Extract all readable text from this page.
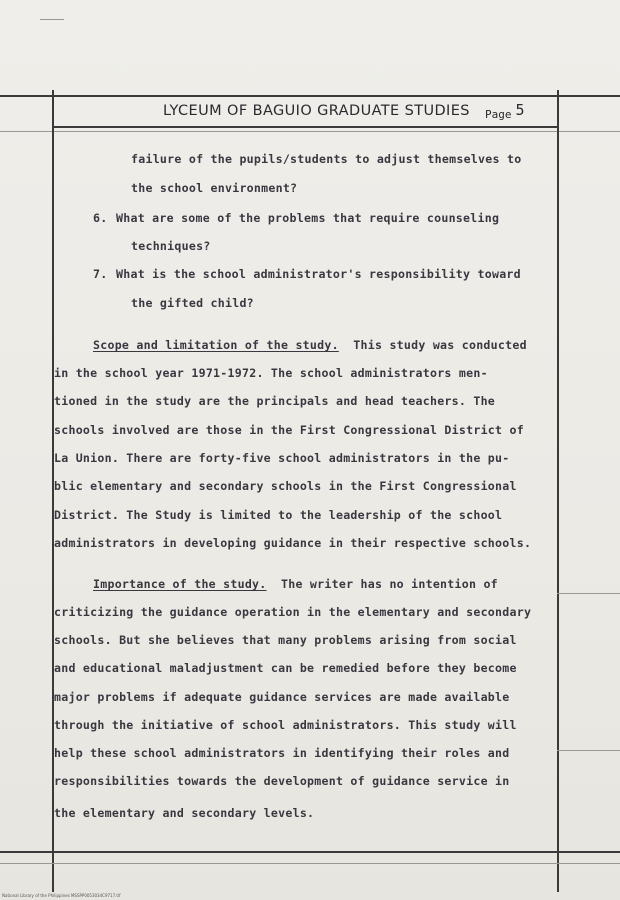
LYCEUM OF BAGUIO GRADUATE STUDIES Page 5
failure of the pupils/students to adjust themselves to
the school environment?
6. What are some of the problems that require counseling
techniques?
7. What is the school administrator's responsibility toward
the gifted child?
Scope and limitation of the study. This study was conducted
in the school year 1971-1972. The school administrators men-
tioned in the study are the principals and head teachers. The
schools involved are those in the First Congressional District of
La Union. There are forty-five school administrators in the pu-
blic elementary and secondary schools in the First Congressional
District. The Study is limited to the leadership of the school
administrators in developing guidance in their respective schools.
Importance of the study. The writer has no intention of
criticizing the guidance operation in the elementary and secondary
schools. But she believes that many problems arising from social
and educational maladjustment can be remedied before they become
major problems if adequate guidance services are made available
through the initiative of school administrators. This study will
help these school administrators in identifying their roles and
responsibilities towards the development of guidance service in
the elementary and secondary levels.
National Library of the Philippines MSSPP0053034C9717.tif
